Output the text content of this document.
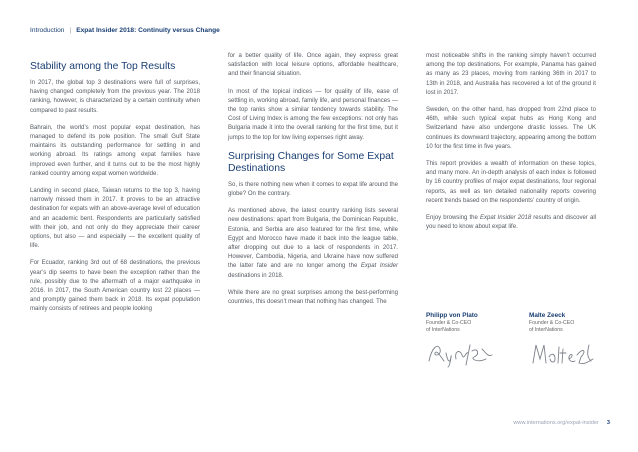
Introduction | Expat Insider 2018: Continuity versus Change
Stability among the Top Results

In 2017, the global top 3 destinations were full of surprises, having changed completely from the previous year. The 2018 ranking, however, is characterized by a certain continuity when compared to past results.

Bahrain, the world’s most popular expat destination, has managed to defend its pole position. The small Gulf State maintains its outstanding performance for settling in and working abroad. Its ratings among expat families have improved even further, and it turns out to be the most highly ranked country among expat women worldwide.

Landing in second place, Taiwan returns to the top 3, having narrowly missed them in 2017. It proves to be an attractive destination for expats with an above-average level of education and an academic bent. Respondents are particularly satisfied with their job, and not only do they appreciate their career options, but also — and especially — the excellent quality of life.

For Ecuador, ranking 3rd out of 68 destinations, the previous year’s dip seems to have been the exception rather than the rule, possibly due to the aftermath of a major earthquake in 2016. In 2017, the South American country lost 22 places — and promptly gained them back in 2018. Its expat population mainly consists of retirees and people looking

for a better quality of life. Once again, they express great satisfaction with local leisure options, affordable healthcare, and their financial situation.

In most of the topical indices — for quality of life, ease of settling in, working abroad, family life, and personal finances — the top ranks show a similar tendency towards stability. The Cost of Living Index is among the few exceptions: not only has Bulgaria made it into the overall ranking for the first time, but it jumps to the top for low living expenses right away.

Surprising Changes for Some Expat Destinations

So, is there nothing new when it comes to expat life around the globe? On the contrary.

As mentioned above, the latest country ranking lists several new destinations: apart from Bulgaria, the Dominican Republic, Estonia, and Serbia are also featured for the first time, while Egypt and Morocco have made it back into the league table, after dropping out due to a lack of respondents in 2017. However, Cambodia, Nigeria, and Ukraine have now suffered the latter fate and are no longer among the Expat Insider destinations in 2018.

While there are no great surprises among the best-performing countries, this doesn’t mean that nothing has changed. The

most noticeable shifts in the ranking simply haven’t occurred among the top destinations. For example, Panama has gained as many as 23 places, moving from ranking 36th in 2017 to 13th in 2018, and Australia has recovered a lot of the ground it lost in 2017.

Sweden, on the other hand, has dropped from 22nd place to 46th, while such typical expat hubs as Hong Kong and Switzerland have also undergone drastic losses. The UK continues its downward trajectory, appearing among the bottom 10 for the first time in five years.

This report provides a wealth of information on these topics, and many more. An in-depth analysis of each index is followed by 16 country profiles of major expat destinations, four regional reports, as well as ten detailed nationality reports covering recent trends based on the respondents’ country of origin.

Enjoy browsing the Expat Insider 2018 results and discover all you need to know about expat life.

Philipp von Plato
Founder & Co-CEO
of InterNations
Malte Zeeck
Founder & Co-CEO
of InterNations
www.internations.org/expat-insider 3
